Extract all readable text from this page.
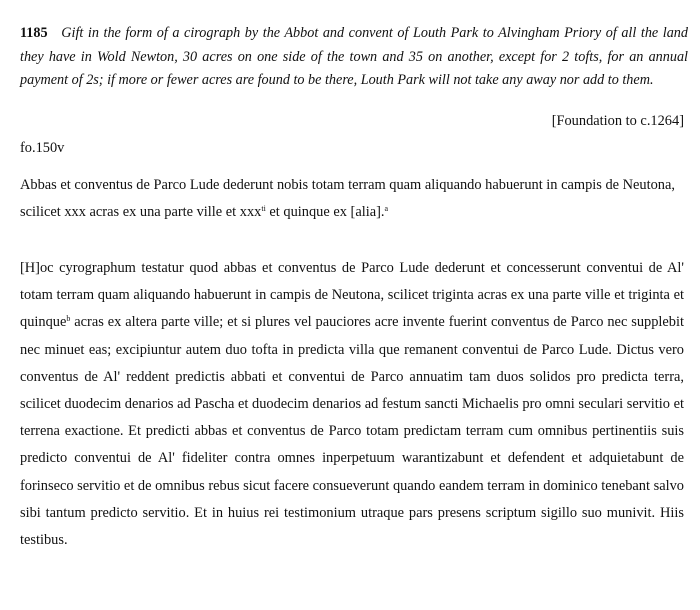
1185 Gift in the form of a cirograph by the Abbot and convent of Louth Park to Alvingham Priory of all the land they have in Wold Newton, 30 acres on one side of the town and 35 on another, except for 2 tofts, for an annual payment of 2s; if more or fewer acres are found to be there, Louth Park will not take any away nor add to them.

[Foundation to c.1264]
fo.150v

Abbas et conventus de Parco Lude dederunt nobis totam terram quam aliquando habuerunt in campis de Neutona, scilicet xxx acras ex una parte ville et xxx$^{ti}$ et quinque ex [alia].$^a$

[H]oc cyrographum testatur quod abbas et conventus de Parco Lude dederunt et concesserunt conventui de Al' totam terram quam aliquando habuerunt in campis de Neutona, scilicet triginta acras ex una parte ville et triginta et quinque$^b$ acras ex altera parte ville; et si plures vel pauciores acre invente fuerint conventus de Parco nec supplebit nec minuet eas; excipiuntur autem duo tofta in predicta villa que remanent conventui de Parco Lude. Dictus vero conventus de Al' reddent predictis abbati et conventui de Parco annuatim tam duos solidos pro predicta terra, scilicet duodecim denarios ad Pascha et duodecim denarios ad festum sancti Michaelis pro omni seculari servitio et terrena exactione. Et predicti abbas et conventus de Parco totam predictam terram cum omnibus pertinentiis suis predicto conventui de Al' fideliter contra omnes inperpetuum warantizabunt et defendent et adquietabunt de forinseco servitio et de omnibus rebus sicut facere consueverunt quando eandem terram in dominico tenebant salvo sibi tantum predicto servitio. Et in huius rei testimonium utraque pars presens scriptum sigillo suo munivit. Hiis testibus.
